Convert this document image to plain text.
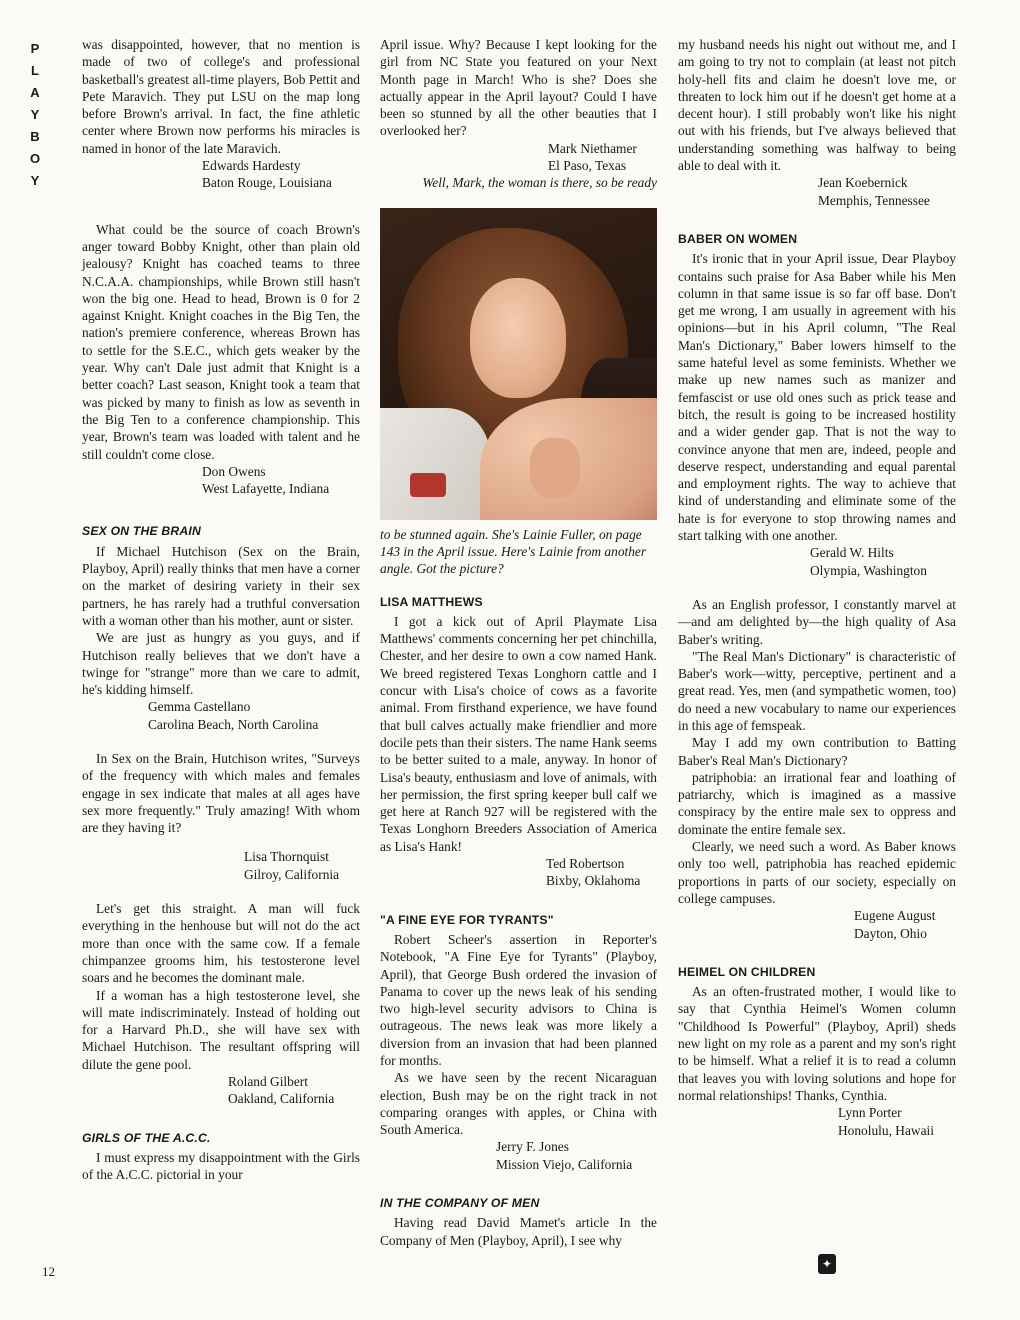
P
L
A
Y
B
O
Y

was disappointed, however, that no mention is made of two of college's and professional basketball's greatest all-time players, Bob Pettit and Pete Maravich. They put LSU on the map long before Brown's arrival. In fact, the fine athletic center where Brown now performs his miracles is named in honor of the late Maravich.

Edwards Hardesty
Baton Rouge, Louisiana

What could be the source of coach Brown's anger toward Bobby Knight, other than plain old jealousy? Knight has coached teams to three N.C.A.A. championships, while Brown still hasn't won the big one. Head to head, Brown is 0 for 2 against Knight. Knight coaches in the Big Ten, the nation's premiere conference, whereas Brown has to settle for the S.E.C., which gets weaker by the year. Why can't Dale just admit that Knight is a better coach? Last season, Knight took a team that was picked by many to finish as low as seventh in the Big Ten to a conference championship. This year, Brown's team was loaded with talent and he still couldn't come close.

Don Owens
West Lafayette, Indiana
SEX ON THE BRAIN

If Michael Hutchison (Sex on the Brain, Playboy, April) really thinks that men have a corner on the market of desiring variety in their sex partners, he has rarely had a truthful conversation with a woman other than his mother, aunt or sister.

We are just as hungry as you guys, and if Hutchison really believes that we don't have a twinge for "strange" more than we care to admit, he's kidding himself.

Gemma Castellano
Carolina Beach, North Carolina

In Sex on the Brain, Hutchison writes, "Surveys of the frequency with which males and females engage in sex indicate that males at all ages have sex more frequently." Truly amazing! With whom are they having it?

Lisa Thornquist
Gilroy, California

Let's get this straight. A man will fuck everything in the henhouse but will not do the act more than once with the same cow. If a female chimpanzee grooms him, his testosterone level soars and he becomes the dominant male.

If a woman has a high testosterone level, she will mate indiscriminately. Instead of holding out for a Harvard Ph.D., she will have sex with Michael Hutchison. The resultant offspring will dilute the gene pool.

Roland Gilbert
Oakland, California
GIRLS OF THE A.C.C.

I must express my disappointment with the Girls of the A.C.C. pictorial in your

April issue. Why? Because I kept looking for the girl from NC State you featured on your Next Month page in March! Who is she? Does she actually appear in the April layout? Could I have been so stunned by all the other beauties that I overlooked her?

Mark Niethamer
El Paso, Texas
Well, Mark, the woman is there, so be ready

to be stunned again. She's Lainie Fuller, on page 143 in the April issue. Here's Lainie from another angle. Got the picture?

LISA MATTHEWS

I got a kick out of April Playmate Lisa Matthews' comments concerning her pet chinchilla, Chester, and her desire to own a cow named Hank. We breed registered Texas Longhorn cattle and I concur with Lisa's choice of cows as a favorite animal. From firsthand experience, we have found that bull calves actually make friendlier and more docile pets than their sisters. The name Hank seems to be better suited to a male, anyway. In honor of Lisa's beauty, enthusiasm and love of animals, with her permission, the first spring keeper bull calf we get here at Ranch 927 will be registered with the Texas Longhorn Breeders Association of America as Lisa's Hank!

Ted Robertson
Bixby, Oklahoma
"A FINE EYE FOR TYRANTS"

Robert Scheer's assertion in Reporter's Notebook, "A Fine Eye for Tyrants" (Playboy, April), that George Bush ordered the invasion of Panama to cover up the news leak of his sending two high-level security advisors to China is outrageous. The news leak was more likely a diversion from an invasion that had been planned for months.

As we have seen by the recent Nicaraguan election, Bush may be on the right track in not comparing oranges with apples, or China with South America.

Jerry F. Jones
Mission Viejo, California
IN THE COMPANY OF MEN

Having read David Mamet's article In the Company of Men (Playboy, April), I see why

my husband needs his night out without me, and I am going to try not to complain (at least not pitch holy-hell fits and claim he doesn't love me, or threaten to lock him out if he doesn't get home at a decent hour). I still probably won't like his night out with his friends, but I've always believed that understanding something was halfway to being able to deal with it.

Jean Koebernick
Memphis, Tennessee
BABER ON WOMEN

It's ironic that in your April issue, Dear Playboy contains such praise for Asa Baber while his Men column in that same issue is so far off base. Don't get me wrong, I am usually in agreement with his opinions—but in his April column, "The Real Man's Dictionary," Baber lowers himself to the same hateful level as some feminists. Whether we make up new names such as manizer and femfascist or use old ones such as prick tease and bitch, the result is going to be increased hostility and a wider gender gap. That is not the way to convince anyone that men are, indeed, people and deserve respect, understanding and equal parental and employment rights. The way to achieve that kind of understanding and eliminate some of the hate is for everyone to stop throwing names and start talking with one another.

Gerald W. Hilts
Olympia, Washington

As an English professor, I constantly marvel at—and am delighted by—the high quality of Asa Baber's writing.

"The Real Man's Dictionary" is characteristic of Baber's work—witty, perceptive, pertinent and a great read. Yes, men (and sympathetic women, too) do need a new vocabulary to name our experiences in this age of femspeak.

May I add my own contribution to Batting Baber's Real Man's Dictionary?

patriphobia: an irrational fear and loathing of patriarchy, which is imagined as a massive conspiracy by the entire male sex to oppress and dominate the entire female sex.

Clearly, we need such a word. As Baber knows only too well, patriphobia has reached epidemic proportions in parts of our society, especially on college campuses.

Eugene August
Dayton, Ohio
HEIMEL ON CHILDREN

As an often-frustrated mother, I would like to say that Cynthia Heimel's Women column "Childhood Is Powerful" (Playboy, April) sheds new light on my role as a parent and my son's right to be himself. What a relief it is to read a column that leaves you with loving solutions and hope for normal relationships! Thanks, Cynthia.

Lynn Porter
Honolulu, Hawaii
12	✦
